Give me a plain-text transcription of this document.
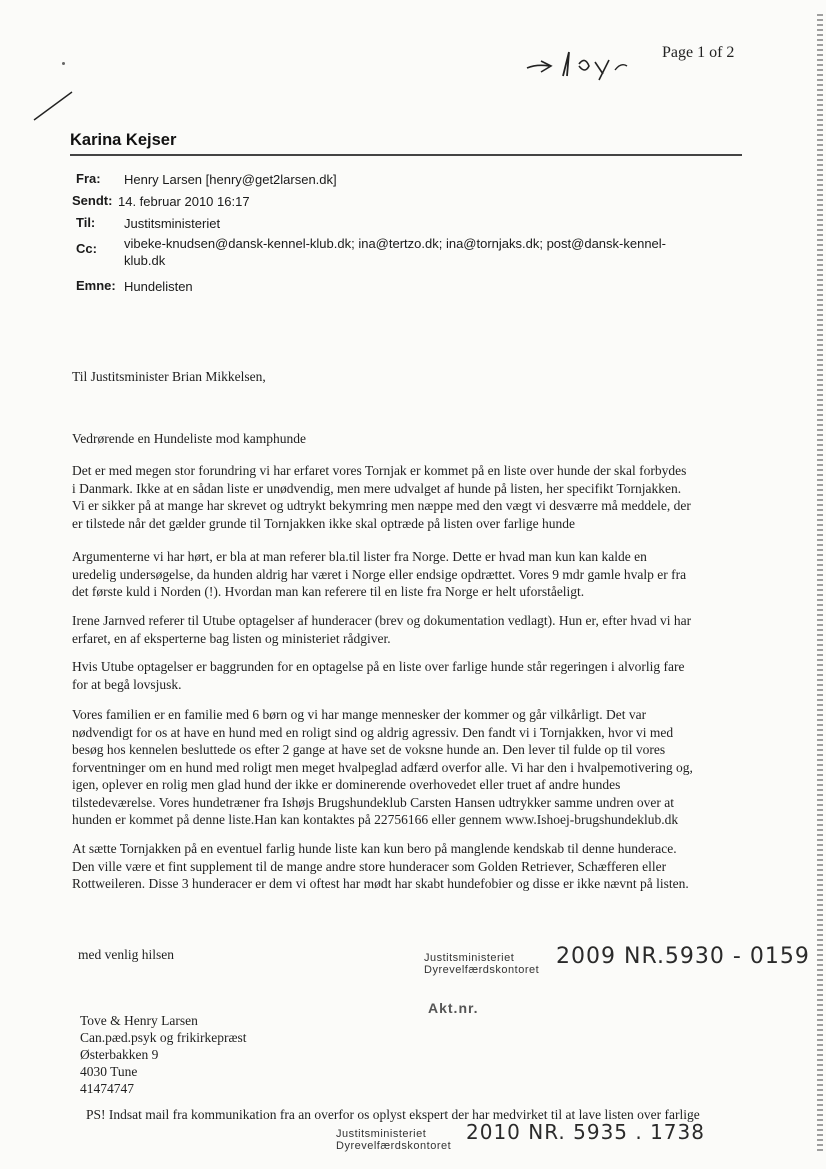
Page 1 of 2
Karina Kejser
Fra: Henry Larsen [henry@get2larsen.dk]
Sendt: 14. februar 2010 16:17
Til: Justitsministeriet
Cc: vibeke-knudsen@dansk-kennel-klub.dk; ina@tertzo.dk; ina@tornjaks.dk; post@dansk-kennel-
klub.dk
Emne: Hundelisten
Til Justitsminister Brian Mikkelsen,
Vedrørende en Hundeliste mod kamphunde
Det er med megen stor forundring vi har erfaret vores Tornjak er kommet på en liste over hunde der skal forbydes
i Danmark. Ikke at en sådan liste er unødvendig, men mere udvalget af hunde på listen, her specifikt Tornjakken.
Vi er sikker på at mange har skrevet og udtrykt bekymring men næppe med den vægt vi desværre må meddele, der
er tilstede når det gælder grunde til Tornjakken ikke skal optræde på listen over farlige hunde
Argumenterne vi har hørt, er bla at man referer bla.til lister fra Norge. Dette er hvad man kun kan kalde en
uredelig undersøgelse, da hunden aldrig har været i Norge eller endsige opdrættet. Vores 9 mdr gamle hvalp er fra
det første kuld i Norden (!). Hvordan man kan referere til en liste fra Norge er helt uforståeligt.
Irene Jarnved referer til Utube optagelser af hunderacer (brev og dokumentation vedlagt). Hun er, efter hvad vi har
erfaret, en af eksperterne bag listen og ministeriet rådgiver.
Hvis Utube optagelser er baggrunden for en optagelse på en liste over farlige hunde står regeringen i alvorlig fare
for at begå lovsjusk.
Vores familien er en familie med 6 børn og vi har mange mennesker der kommer og går vilkårligt. Det var
nødvendigt for os at have en hund med en roligt sind og aldrig agressiv. Den fandt vi i Tornjakken, hvor vi med
besøg hos kennelen besluttede os efter 2 gange at have set de voksne hunde an. Den lever til fulde op til vores
forventninger om en hund med roligt men meget hvalpeglad adfærd overfor alle. Vi har den i hvalpemotivering og,
igen, oplever en rolig men glad hund der ikke er dominerende overhovedet eller truet af andre hundes
tilstedeværelse. Vores hundetræner fra Ishøjs Brugshundeklub Carsten Hansen udtrykker samme undren over at
hunden er kommet på denne liste.Han kan kontaktes på 22756166 eller gennem www.Ishoej-brugshundeklub.dk
At sætte Tornjakken på en eventuel farlig hunde liste kan kun bero på manglende kendskab til denne hunderace.
Den ville være et fint supplement til de mange andre store hunderacer som Golden Retriever, Schæfferen eller
Rottweileren. Disse 3 hunderacer er dem vi oftest har mødt har skabt hundefobier og disse er ikke nævnt på listen.
med venlig hilsen	Justitsministeriet
Dyrevelfærdskontoret
2009 NR.5930 - 0159
Akt.nr.
Tove & Henry Larsen
Can.pæd.psyk og frikirkepræst
Østerbakken 9
4030 Tune
41474747
PS! Indsat mail fra kommunikation fra an overfor os oplyst ekspert der har medvirket til at lave listen over farlige
Justitsministeriet
Dyrevelfærdskontoret
2010 NR. 5935 . 1738
